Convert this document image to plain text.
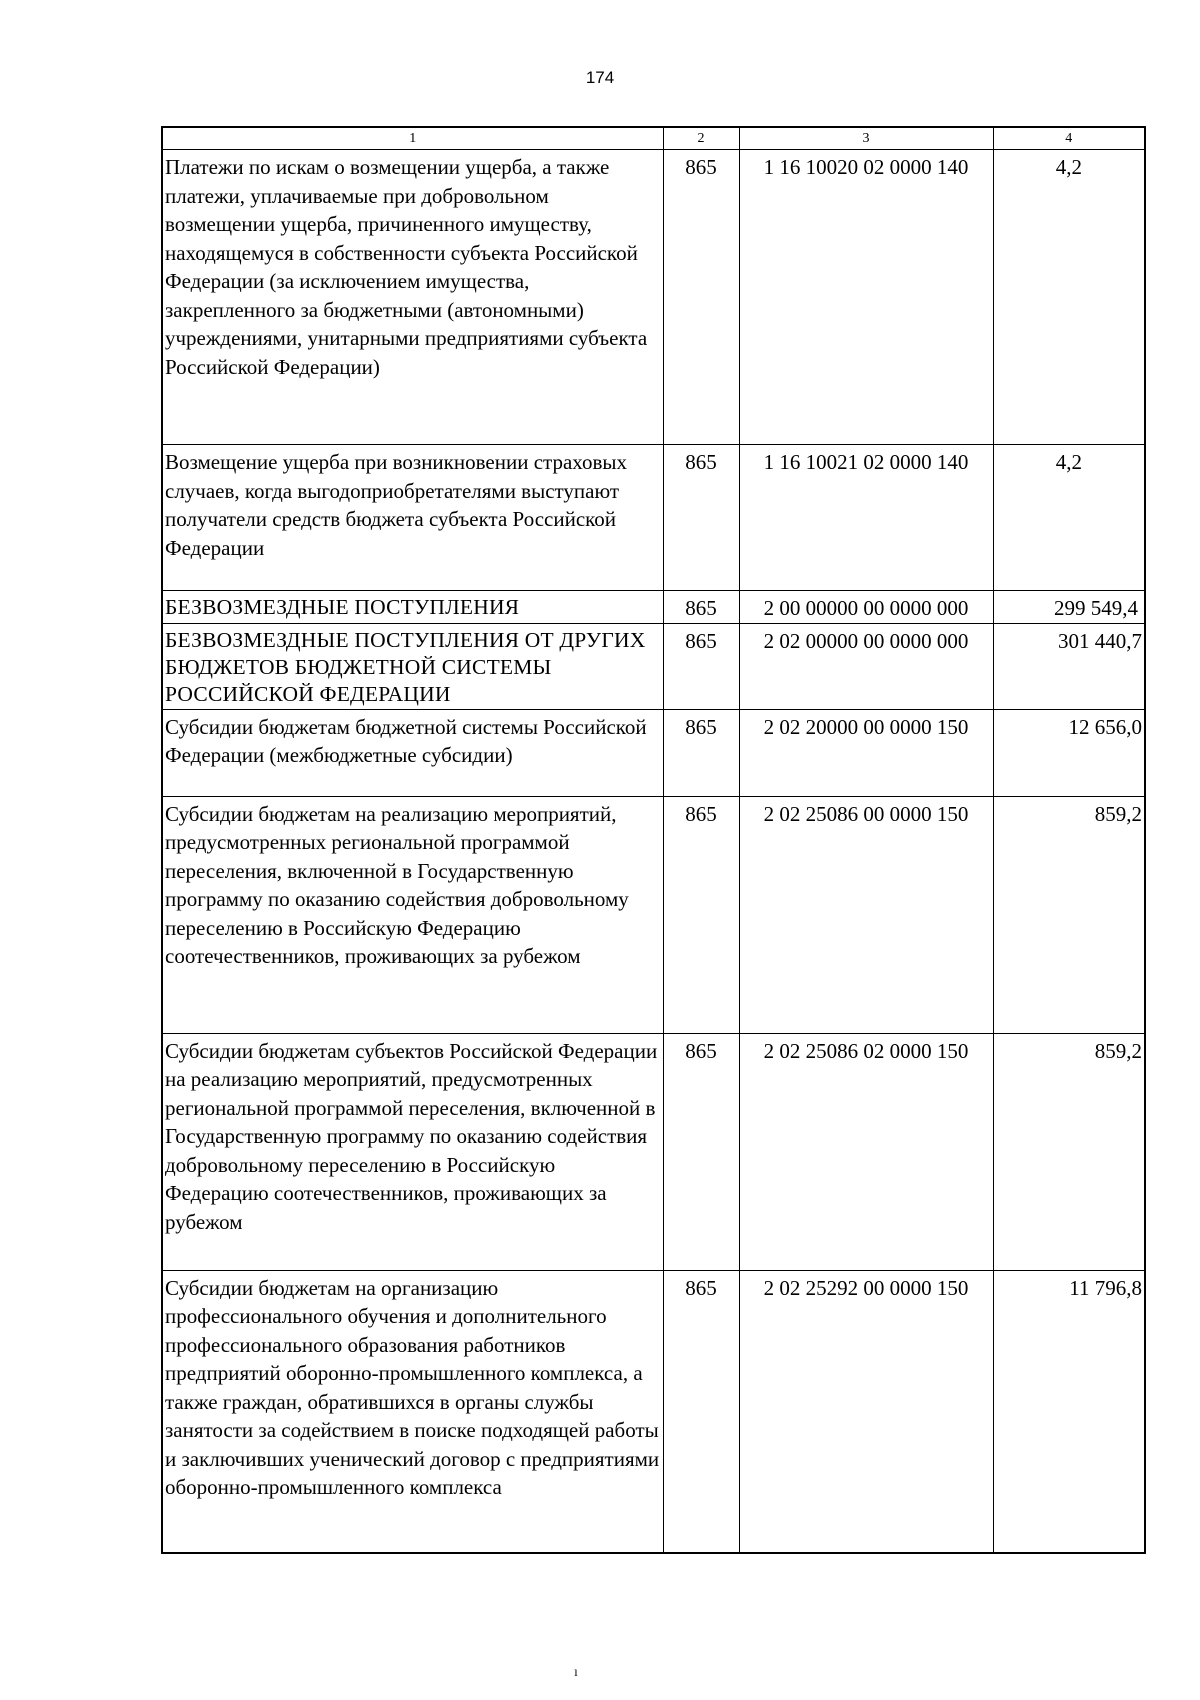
174
1	2	3	4
Платежи по искам о возмещении ущерба, а также платежи, уплачиваемые при добровольном возмещении ущерба, причиненного имуществу, находящемуся в собственности субъекта Российской Федерации (за исключением имущества, закрепленного за бюджетными (автономными) учреждениями, унитарными предприятиями субъекта Российской Федерации)	865	1 16 10020 02 0000 140	4,2
Возмещение ущерба при возникновении страховых случаев, когда выгодоприобретателями выступают получатели средств бюджета субъекта Российской Федерации	865	1 16 10021 02 0000 140	4,2
БЕЗВОЗМЕЗДНЫЕ ПОСТУПЛЕНИЯ	865	2 00 00000 00 0000 000	299 549,4
БЕЗВОЗМЕЗДНЫЕ ПОСТУПЛЕНИЯ ОТ ДРУГИХ БЮДЖЕТОВ БЮДЖЕТНОЙ СИСТЕМЫ РОССИЙСКОЙ ФЕДЕРАЦИИ	865	2 02 00000 00 0000 000	301 440,7
Субсидии бюджетам бюджетной системы Российской Федерации (межбюджетные субсидии)	865	2 02 20000 00 0000 150	12 656,0
Субсидии бюджетам на реализацию мероприятий, предусмотренных региональной программой переселения, включенной в Государственную программу по оказанию содействия добровольному переселению в Российскую Федерацию соотечественников, проживающих за рубежом	865	2 02 25086 00 0000 150	859,2
Субсидии бюджетам субъектов Российской Федерации на реализацию мероприятий, предусмотренных региональной программой переселения, включенной в Государственную программу по оказанию содействия добровольному переселению в Российскую Федерацию соотечественников, проживающих за рубежом	865	2 02 25086 02 0000 150	859,2
Субсидии бюджетам на организацию профессионального обучения и дополнительного профессионального образования работников предприятий оборонно-промышленного комплекса, а также граждан, обратившихся в органы службы занятости за содействием в поиске подходящей работы и заключивших ученический договор с предприятиями оборонно-промышленного комплекса	865	2 02 25292 00 0000 150	11 796,8
ı
